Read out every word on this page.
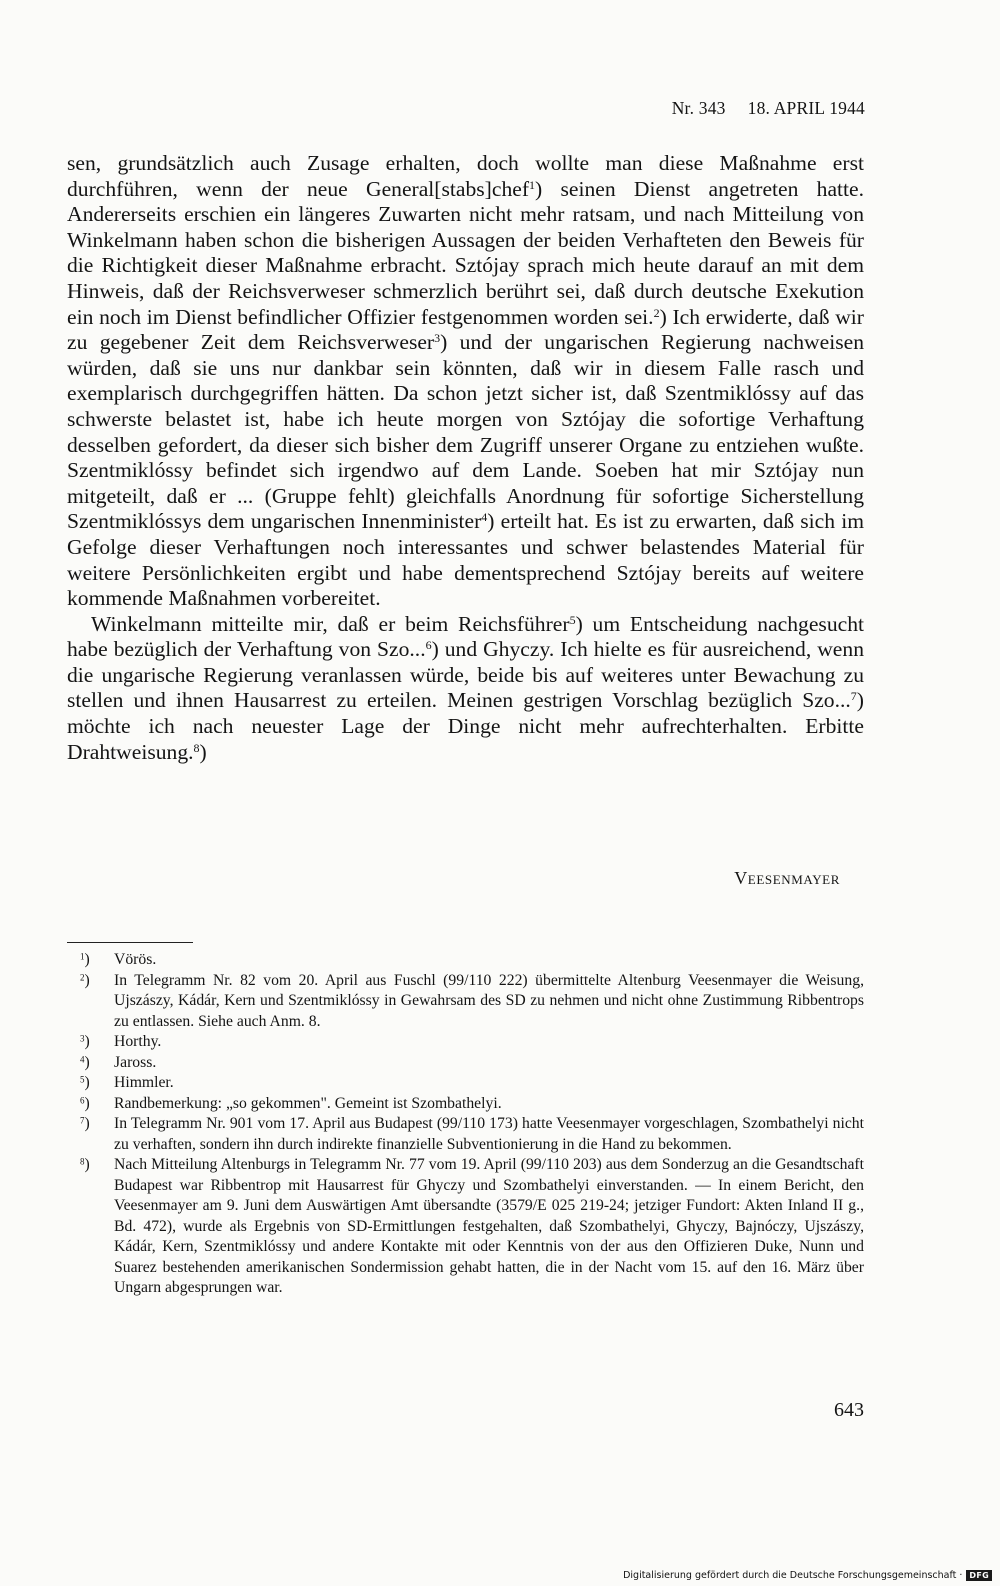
Nr. 343 18. APRIL 1944

sen, grundsätzlich auch Zusage erhalten, doch wollte man diese Maßnahme erst durchführen, wenn der neue General[stabs]chef$^1$) seinen Dienst angetreten hatte. Andererseits erschien ein längeres Zuwarten nicht mehr ratsam, und nach Mitteilung von Winkelmann haben schon die bisherigen Aussagen der beiden Verhafteten den Beweis für die Richtigkeit dieser Maßnahme erbracht. Sztójay sprach mich heute darauf an mit dem Hinweis, daß der Reichsverweser schmerzlich berührt sei, daß durch deutsche Exekution ein noch im Dienst befindlicher Offizier festgenommen worden sei.$^2$) Ich erwiderte, daß wir zu gegebener Zeit dem Reichsverweser$^3$) und der ungarischen Regierung nachweisen würden, daß sie uns nur dankbar sein könnten, daß wir in diesem Falle rasch und exemplarisch durchgegriffen hätten. Da schon jetzt sicher ist, daß Szentmiklóssy auf das schwerste belastet ist, habe ich heute morgen von Sztójay die sofortige Verhaftung desselben gefordert, da dieser sich bisher dem Zugriff unserer Organe zu entziehen wußte. Szentmiklóssy befindet sich irgendwo auf dem Lande. Soeben hat mir Sztójay nun mitgeteilt, daß er ... (Gruppe fehlt) gleichfalls Anordnung für sofortige Sicherstellung Szentmiklóssys dem ungarischen Innenminister$^4$) erteilt hat. Es ist zu erwarten, daß sich im Gefolge dieser Verhaftungen noch interessantes und schwer belastendes Material für weitere Persönlichkeiten ergibt und habe dementsprechend Sztójay bereits auf weitere kommende Maßnahmen vorbereitet.

Winkelmann mitteilte mir, daß er beim Reichsführer$^5$) um Entscheidung nachgesucht habe bezüglich der Verhaftung von Szo...$^6$) und Ghyczy. Ich hielte es für ausreichend, wenn die ungarische Regierung veranlassen würde, beide bis auf weiteres unter Bewachung zu stellen und ihnen Hausarrest zu erteilen. Meinen gestrigen Vorschlag bezüglich Szo...$^7$) möchte ich nach neuester Lage der Dinge nicht mehr aufrechterhalten. Erbitte Drahtweisung.$^8$)

Veesenmayer
$^1$)	Vörös.
$^2$)	In Telegramm Nr. 82 vom 20. April aus Fuschl (99/110 222) übermittelte Altenburg Veesenmayer die Weisung, Ujszászy, Kádár, Kern und Szentmiklóssy in Gewahrsam des SD zu nehmen und nicht ohne Zustimmung Ribbentrops zu entlassen. Siehe auch Anm. 8.
$^3$)	Horthy.
$^4$)	Jaross.
$^5$)	Himmler.
$^6$)	Randbemerkung: „so gekommen". Gemeint ist Szombathelyi.
$^7$)	In Telegramm Nr. 901 vom 17. April aus Budapest (99/110 173) hatte Veesenmayer vorgeschlagen, Szombathelyi nicht zu verhaften, sondern ihn durch indirekte finanzielle Subventionierung in die Hand zu bekommen.
$^8$)	Nach Mitteilung Altenburgs in Telegramm Nr. 77 vom 19. April (99/110 203) aus dem Sonderzug an die Gesandtschaft Budapest war Ribbentrop mit Hausarrest für Ghyczy und Szombathelyi einverstanden. — In einem Bericht, den Veesenmayer am 9. Juni dem Auswärtigen Amt übersandte (3579/E 025 219-24; jetziger Fundort: Akten Inland II g., Bd. 472), wurde als Ergebnis von SD-Ermittlungen festgehalten, daß Szombathelyi, Ghyczy, Bajnóczy, Ujszászy, Kádár, Kern, Szentmiklóssy und andere Kontakte mit oder Kenntnis von der aus den Offizieren Duke, Nunn und Suarez bestehenden amerikanischen Sondermission gehabt hatten, die in der Nacht vom 15. auf den 16. März über Ungarn abgesprungen war.
643
Digitalisierung gefördert durch die Deutsche Forschungsgemeinschaft · DFG
